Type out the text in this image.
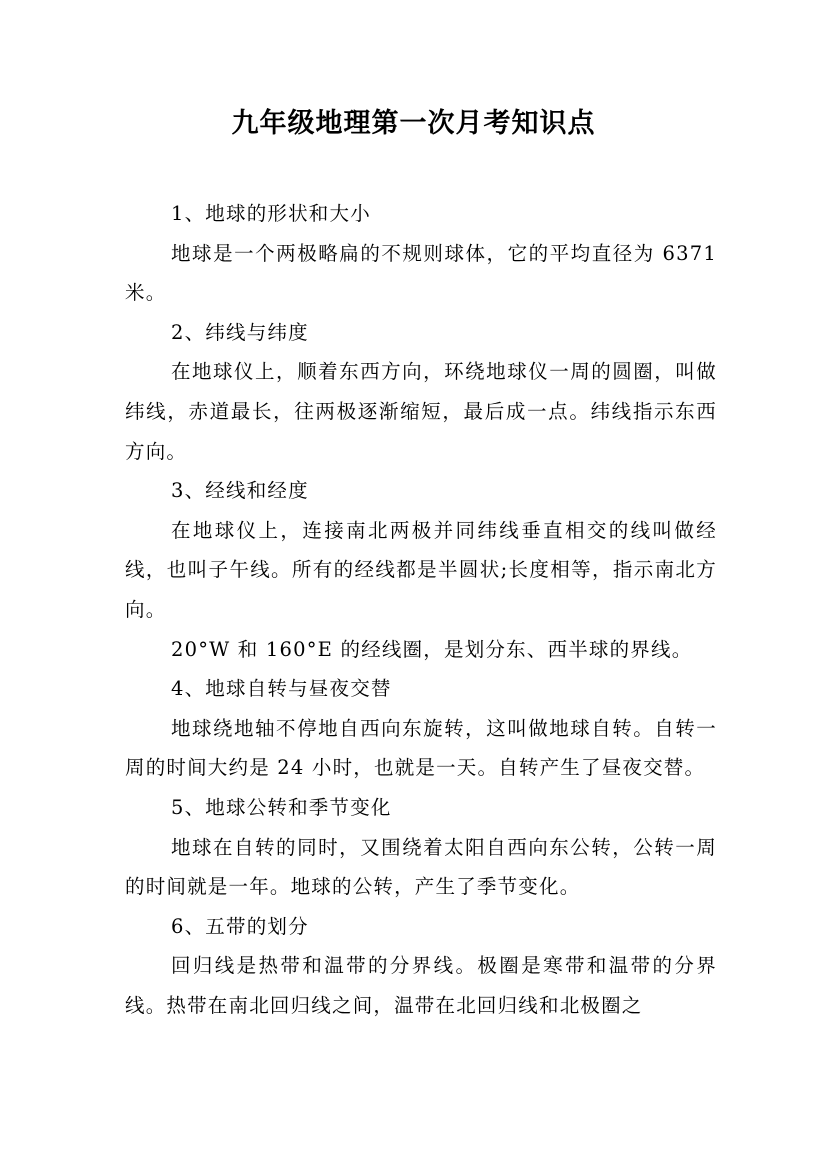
九年级地理第一次月考知识点

1、地球的形状和大小

地球是一个两极略扁的不规则球体，它的平均直径为 6371 米。

2、纬线与纬度

在地球仪上，顺着东西方向，环绕地球仪一周的圆圈，叫做纬线，赤道最长，往两极逐渐缩短，最后成一点。纬线指示东西方向。

3、经线和经度

在地球仪上，连接南北两极并同纬线垂直相交的线叫做经线，也叫子午线。所有的经线都是半圆状;长度相等，指示南北方向。

20°W 和 160°E 的经线圈，是划分东、西半球的界线。

4、地球自转与昼夜交替

地球绕地轴不停地自西向东旋转，这叫做地球自转。自转一周的时间大约是 24 小时，也就是一天。自转产生了昼夜交替。

5、地球公转和季节变化

地球在自转的同时，又围绕着太阳自西向东公转，公转一周的时间就是一年。地球的公转，产生了季节变化。

6、五带的划分

回归线是热带和温带的分界线。极圈是寒带和温带的分界线。热带在南北回归线之间，温带在北回归线和北极圈之
